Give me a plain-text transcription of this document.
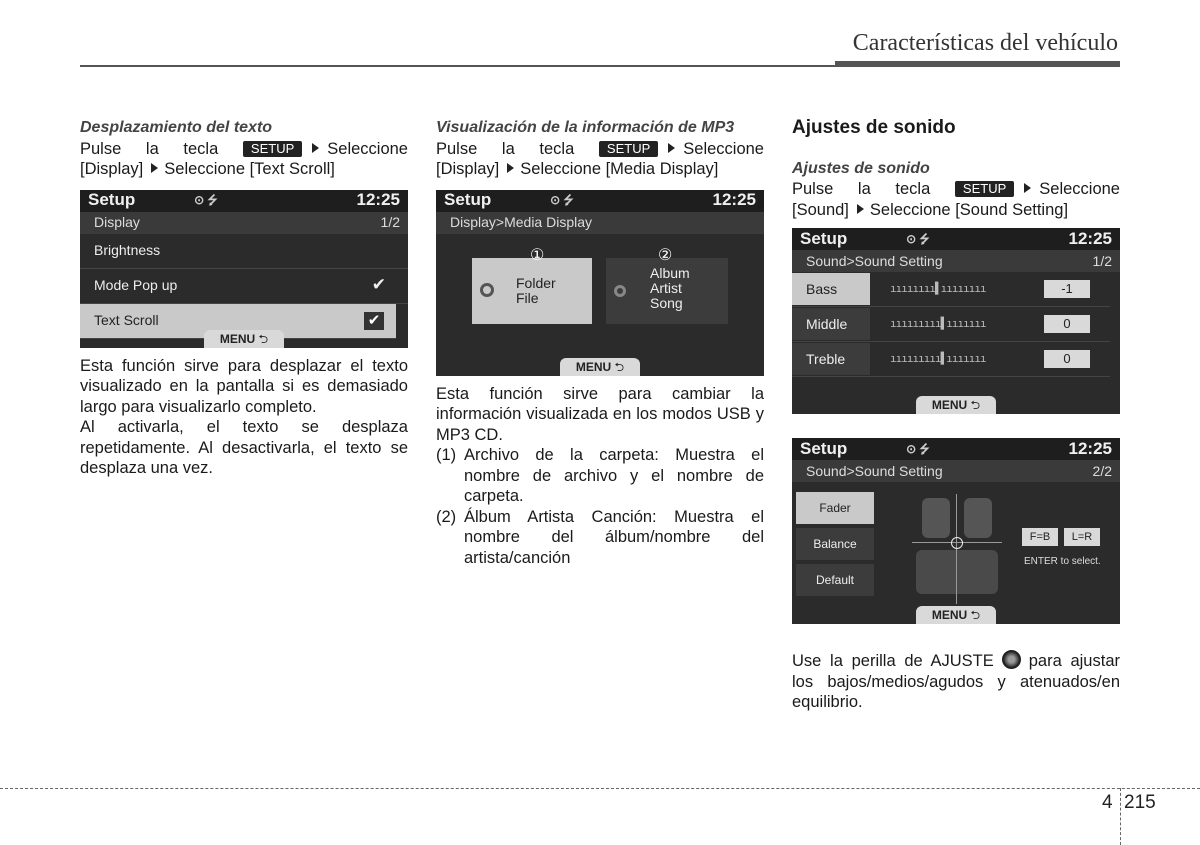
Características del vehículo
Desplazamiento del texto
Pulse la tecla	SETUP Seleccione
[Display] Seleccione [Text Scroll]
Setup	⊙ ⭍	12:25
Display	1/2
Brightness
Mode Pop up	✔
Text Scroll	✔
MENU ⮌

Esta función sirve para desplazar el texto visualizado en la pantalla si es demasiado largo para visualizarlo completo.

Al activarla, el texto se desplaza repetidamente. Al desactivarla, el texto se desplaza una vez.

Visualización de la información de MP3
Pulse la tecla	SETUP Seleccione
[Display] Seleccione [Media Display]
Setup	⊙ ⭍	12:25
Display>Media Display
①
Folder
File
②
Album
Artist
Song
MENU ⮌

Esta función sirve para cambiar la información visualizada en los modos USB y MP3 CD.

(1) Archivo de la carpeta: Muestra el nombre de archivo y el nombre de carpeta.
(2) Álbum Artista Canción: Muestra el nombre del álbum/nombre del artista/canción
Ajustes de sonido
Ajustes de sonido
Pulse la tecla	SETUP Seleccione
[Sound] Seleccione [Sound Setting]
Setup	⊙ ⭍	12:25
Sound>Sound Setting	1/2
Bass	ıııııııı▌ıııııııı	-1
Middle	ııııııııı▌ııııııı	0
Treble	ııııııııı▌ııııııı	0
MENU ⮌
Setup	⊙ ⭍	12:25
Sound>Sound Setting	2/2
Fader
Balance
Default
F=B	L=R
ENTER to select.
MENU ⮌

Use la perilla de AJUSTE para ajustar los bajos/medios/agudos y atenuados/en equilibrio.

4 215
